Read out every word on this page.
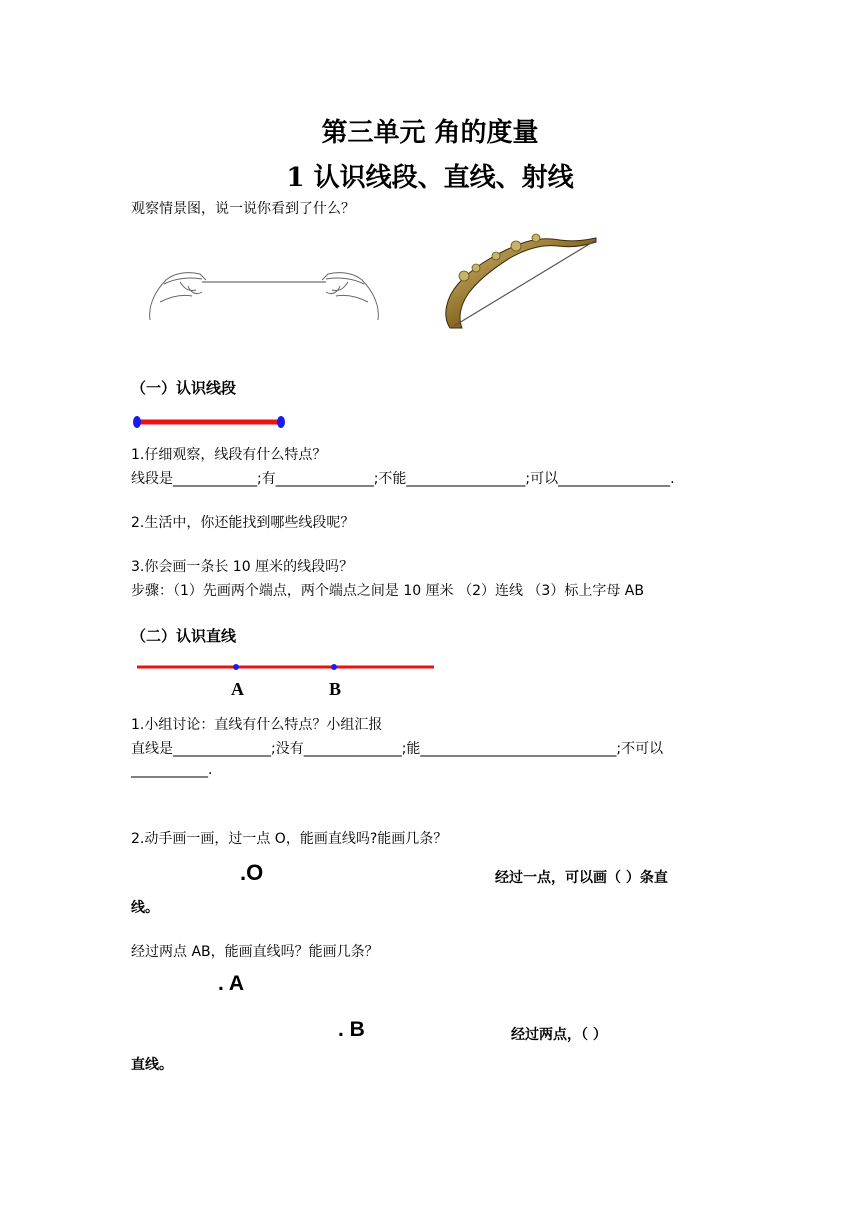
第三单元 角的度量
1 认识线段、直线、射线
观察情景图，说一说你看到了什么？
（一）认识线段
1.仔细观察，线段有什么特点？
线段是____________;有______________;不能_________________;可以________________.
2.生活中，你还能找到哪些线段呢？
3.你会画一条长 10 厘米的线段吗？
步骤：（1）先画两个端点，两个端点之间是 10 厘米 （2）连线 （3）标上字母 AB
（二）认识直线
A	B
1.小组讨论：直线有什么特点？小组汇报
直线是______________;没有______________;能____________________________;不可以
___________.
2.动手画一画，过一点 O，能画直线吗?能画几条？
.O	经过一点，可以画（ ）条直
线。
经过两点 AB，能画直线吗？能画几条？
. A
. B	经过两点，（ ）
直线。
